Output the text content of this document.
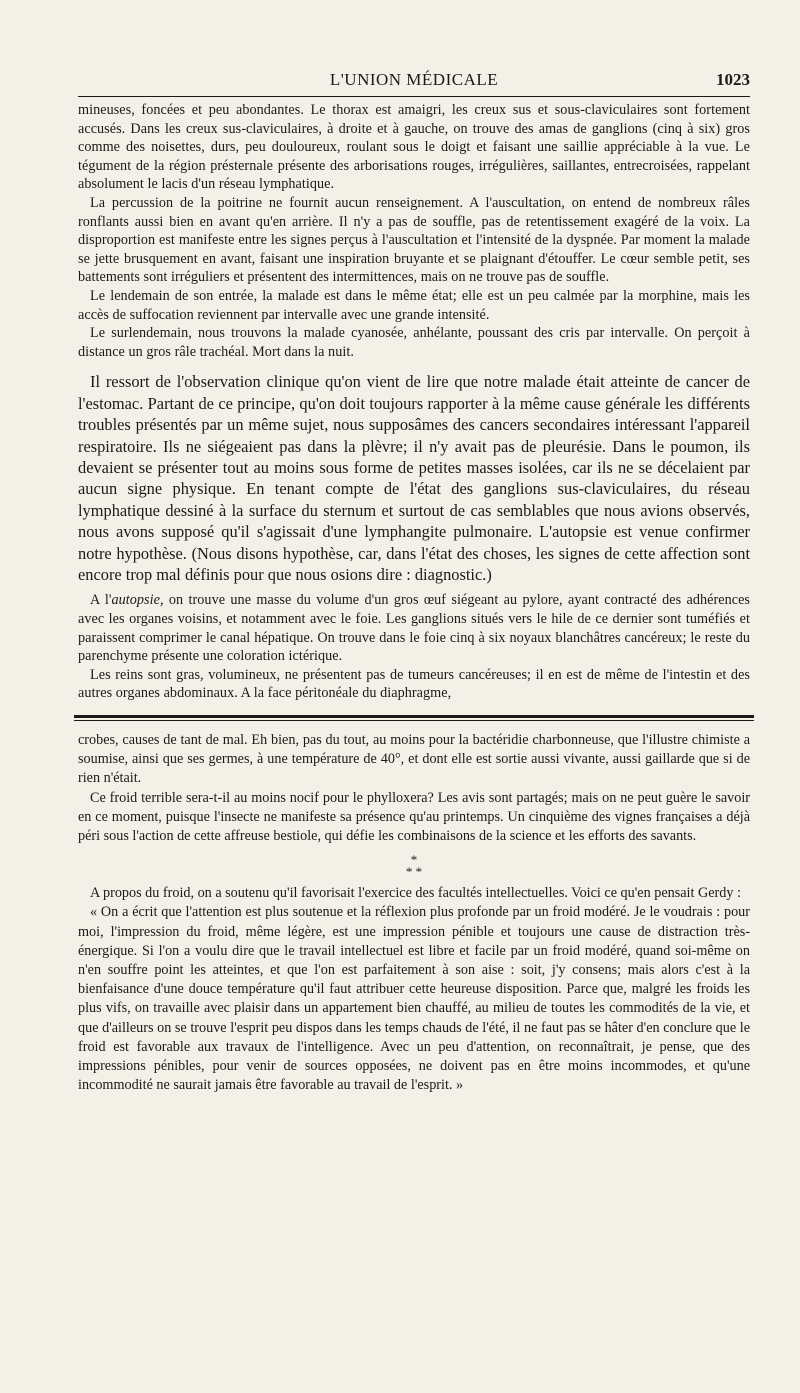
L'UNION MÉDICALE	1023

mineuses, foncées et peu abondantes. Le thorax est amaigri, les creux sus et sous-claviculaires sont fortement accusés. Dans les creux sus-claviculaires, à droite et à gauche, on trouve des amas de ganglions (cinq à six) gros comme des noisettes, durs, peu douloureux, roulant sous le doigt et faisant une saillie appréciable à la vue. Le tégument de la région présternale présente des arborisations rouges, irrégulières, saillantes, entrecroisées, rappelant absolument le lacis d'un réseau lymphatique.

La percussion de la poitrine ne fournit aucun renseignement. A l'auscultation, on entend de nombreux râles ronflants aussi bien en avant qu'en arrière. Il n'y a pas de souffle, pas de retentissement exagéré de la voix. La disproportion est manifeste entre les signes perçus à l'auscultation et l'intensité de la dyspnée. Par moment la malade se jette brusquement en avant, faisant une inspiration bruyante et se plaignant d'étouffer. Le cœur semble petit, ses battements sont irréguliers et présentent des intermittences, mais on ne trouve pas de souffle.

Le lendemain de son entrée, la malade est dans le même état; elle est un peu calmée par la morphine, mais les accès de suffocation reviennent par intervalle avec une grande intensité.

Le surlendemain, nous trouvons la malade cyanosée, anhélante, poussant des cris par intervalle. On perçoit à distance un gros râle trachéal. Mort dans la nuit.

Il ressort de l'observation clinique qu'on vient de lire que notre malade était atteinte de cancer de l'estomac. Partant de ce principe, qu'on doit toujours rapporter à la même cause générale les différents troubles présentés par un même sujet, nous supposâmes des cancers secondaires intéressant l'appareil respiratoire. Ils ne siégeaient pas dans la plèvre; il n'y avait pas de pleurésie. Dans le poumon, ils devaient se présenter tout au moins sous forme de petites masses isolées, car ils ne se décelaient par aucun signe physique. En tenant compte de l'état des ganglions sus-claviculaires, du réseau lymphatique dessiné à la surface du sternum et surtout de cas semblables que nous avions observés, nous avons supposé qu'il s'agissait d'une lymphangite pulmonaire. L'autopsie est venue confirmer notre hypothèse. (Nous disons hypothèse, car, dans l'état des choses, les signes de cette affection sont encore trop mal définis pour que nous osions dire : diagnostic.)

A l'autopsie, on trouve une masse du volume d'un gros œuf siégeant au pylore, ayant contracté des adhérences avec les organes voisins, et notamment avec le foie. Les ganglions situés vers le hile de ce dernier sont tuméfiés et paraissent comprimer le canal hépatique. On trouve dans le foie cinq à six noyaux blanchâtres cancéreux; le reste du parenchyme présente une coloration ictérique.

Les reins sont gras, volumineux, ne présentent pas de tumeurs cancéreuses; il en est de même de l'intestin et des autres organes abdominaux. A la face péritonéale du diaphragme,

crobes, causes de tant de mal. Eh bien, pas du tout, au moins pour la bactéridie charbonneuse, que l'illustre chimiste a soumise, ainsi que ses germes, à une température de 40°, et dont elle est sortie aussi vivante, aussi gaillarde que si de rien n'était.

Ce froid terrible sera-t-il au moins nocif pour le phylloxera? Les avis sont partagés; mais on ne peut guère le savoir en ce moment, puisque l'insecte ne manifeste sa présence qu'au printemps. Un cinquième des vignes françaises a déjà péri sous l'action de cette affreuse bestiole, qui défie les combinaisons de la science et les efforts des savants.

*
* *

A propos du froid, on a soutenu qu'il favorisait l'exercice des facultés intellectuelles. Voici ce qu'en pensait Gerdy :

« On a écrit que l'attention est plus soutenue et la réflexion plus profonde par un froid modéré. Je le voudrais : pour moi, l'impression du froid, même légère, est une impression pénible et toujours une cause de distraction très-énergique. Si l'on a voulu dire que le travail intellectuel est libre et facile par un froid modéré, quand soi-même on n'en souffre point les atteintes, et que l'on est parfaitement à son aise : soit, j'y consens; mais alors c'est à la bienfaisance d'une douce température qu'il faut attribuer cette heureuse disposition. Parce que, malgré les froids les plus vifs, on travaille avec plaisir dans un appartement bien chauffé, au milieu de toutes les commodités de la vie, et que d'ailleurs on se trouve l'esprit peu dispos dans les temps chauds de l'été, il ne faut pas se hâter d'en conclure que le froid est favorable aux travaux de l'intelligence. Avec un peu d'attention, on reconnaîtrait, je pense, que des impressions pénibles, pour venir de sources opposées, ne doivent pas en être moins incommodes, et qu'une incommodité ne saurait jamais être favorable au travail de l'esprit. »
